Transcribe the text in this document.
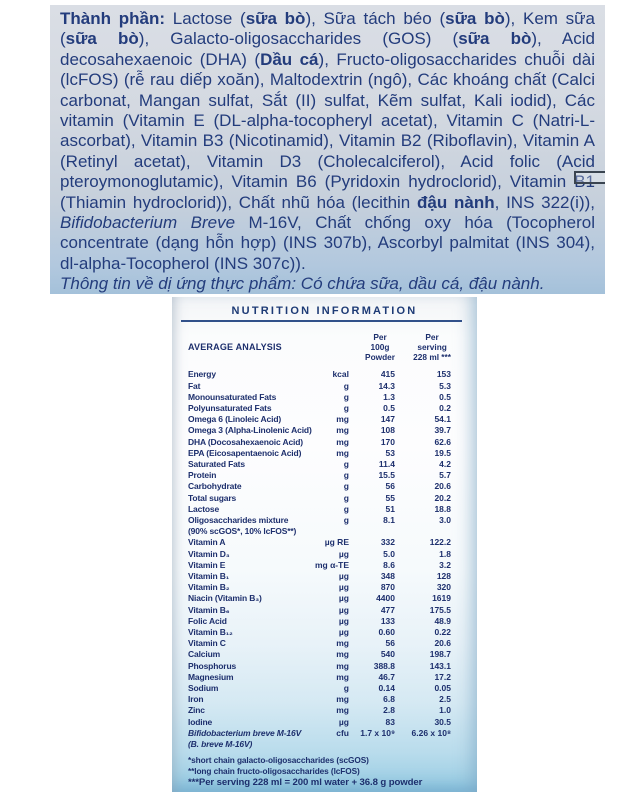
Thành phần: Lactose (sữa bò), Sữa tách béo (sữa bò), Kem sữa (sữa bò), Galacto-oligosaccharides (GOS) (sữa bò), Acid decosahexaenoic (DHA) (Dầu cá), Fructo-oligosaccharides chuỗi dài (lcFOS) (rễ rau diếp xoăn), Maltodextrin (ngô), Các khoáng chất (Calci carbonat, Mangan sulfat, Sắt (II) sulfat, Kẽm sulfat, Kali iodid), Các vitamin (Vitamin E (DL-alpha-tocopheryl acetat), Vitamin C (Natri-L-ascorbat), Vitamin B3 (Nicotinamid), Vitamin B2 (Riboflavin), Vitamin A (Retinyl acetat), Vitamin D3 (Cholecalciferol), Acid folic (Acid pteroymonoglutamic), Vitamin B6 (Pyridoxin hydroclorid), Vitamin B1 (Thiamin hydroclorid)), Chất nhũ hóa (lecithin đậu nành, INS 322(i)), Bifidobacterium Breve M-16V, Chất chống oxy hóa (Tocopherol concentrate (dạng hỗn hợp) (INS 307b), Ascorbyl palmitat (INS 304), dl-alpha-Tocopherol (INS 307c)).

Thông tin về dị ứng thực phẩm: Có chứa sữa, dầu cá, đậu nành.

NUTRITION INFORMATION
AVERAGE ANALYSIS
Per
100g
Powder
Per
serving
228 ml ***
Energy	kcal	415	153
Fat	g	14.3	5.3
Monounsaturated Fats	g	1.3	0.5
Polyunsaturated Fats	g	0.5	0.2
Omega 6 (Linoleic Acid)	mg	147	54.1
Omega 3 (Alpha-Linolenic Acid)	mg	108	39.7
DHA (Docosahexaenoic Acid)	mg	170	62.6
EPA (Eicosapentaenoic Acid)	mg	53	19.5
Saturated Fats	g	11.4	4.2
Protein	g	15.5	5.7
Carbohydrate	g	56	20.6
Total sugars	g	55	20.2
Lactose	g	51	18.8
Oligosaccharides mixture	g	8.1	3.0
(90% scGOS*, 10% lcFOS**)
Vitamin A	µg RE	332	122.2
Vitamin D₃	µg	5.0	1.8
Vitamin E	mg α-TE	8.6	3.2
Vitamin B₁	µg	348	128
Vitamin B₂	µg	870	320
Niacin (Vitamin B₃)	µg	4400	1619
Vitamin B₆	µg	477	175.5
Folic Acid	µg	133	48.9
Vitamin B₁₂	µg	0.60	0.22
Vitamin C	mg	56	20.6
Calcium	mg	540	198.7
Phosphorus	mg	388.8	143.1
Magnesium	mg	46.7	17.2
Sodium	g	0.14	0.05
Iron	mg	6.8	2.5
Zinc	mg	2.8	1.0
Iodine	µg	83	30.5
Bifidobacterium breve M-16V	cfu	1.7 x 10⁹	6.26 x 10⁸
(B. breve M-16V)
*short chain galacto-oligosaccharides (scGOS)
**long chain fructo-oligosaccharides (lcFOS)
***Per serving 228 ml = 200 ml water + 36.8 g powder
